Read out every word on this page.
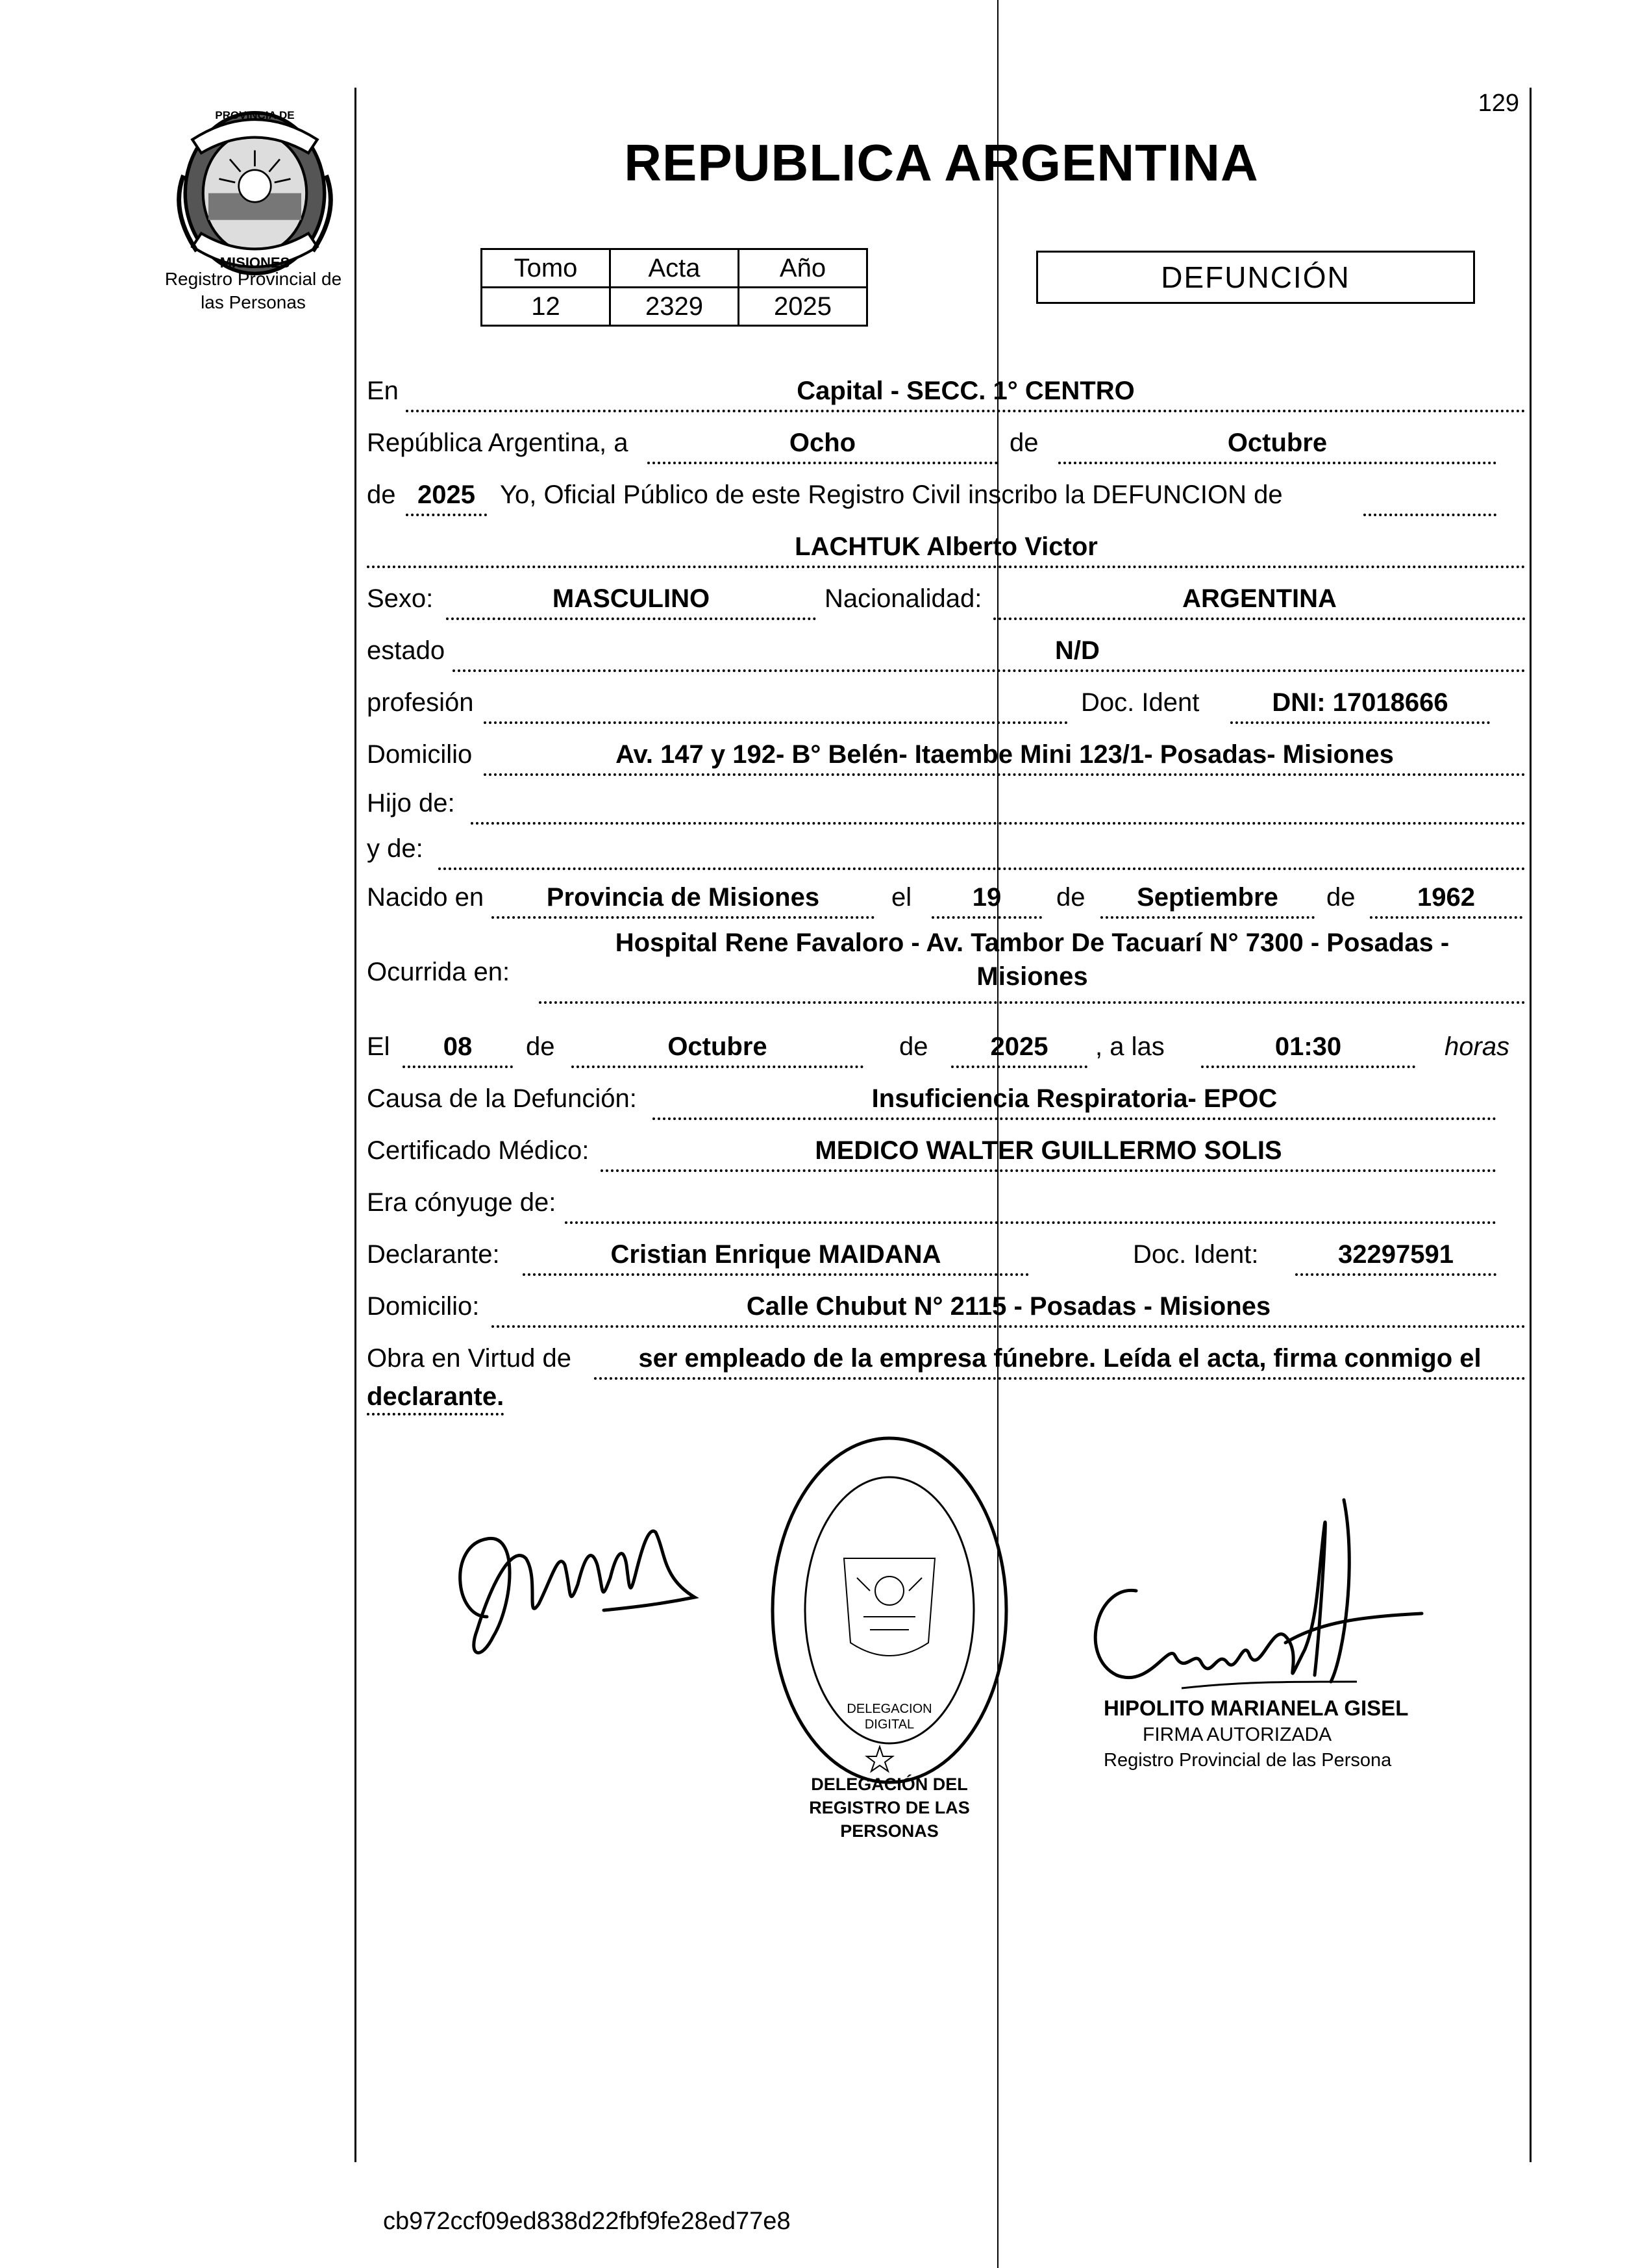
PROVINCIA DE
MISIONES
Registro Provincial de
las Personas
129
REPUBLICA ARGENTINA
Tomo	Acta	Año
12	2329	2025
DEFUNCIÓN
En	Capital - SECC. 1° CENTRO
República Argentina, a	Ocho	de	Octubre
de 2025 Yo, Oficial Público de este Registro Civil inscribo la DEFUNCION de
LACHTUK Alberto Victor
Sexo:	MASCULINO	Nacionalidad:	ARGENTINA
estado	N/D
profesión	Doc. Ident	DNI: 17018666
Domicilio	Av. 147 y 192- B° Belén- Itaembe Mini 123/1- Posadas- Misiones
Hijo de:
y de:
Nacido en	Provincia de Misiones	el	19	de	Septiembre	de	1962
Ocurrida en:
Hospital Rene Favaloro - Av. Tambor De Tacuarí N° 7300 - Posadas -
Misiones
El	08	de	Octubre	de	2025	, a las	01:30	horas
Causa de la Defunción:	Insuficiencia Respiratoria- EPOC
Certificado Médico:	MEDICO WALTER GUILLERMO SOLIS
Era cónyuge de:
Declarante:	Cristian Enrique MAIDANA	Doc. Ident:	32297591
Domicilio:	Calle Chubut N° 2115 - Posadas - Misiones
Obra en Virtud de	ser empleado de la empresa fúnebre. Leída el acta, firma conmigo el
declarante.
DELEGACIÓN DEL REGISTRO DE LAS PERSONAS
DELEGACION DIGITAL
HIPOLITO MARIANELA GISEL
FIRMA AUTORIZADA
Registro Provincial de las Persona
cb972ccf09ed838d22fbf9fe28ed77e8
